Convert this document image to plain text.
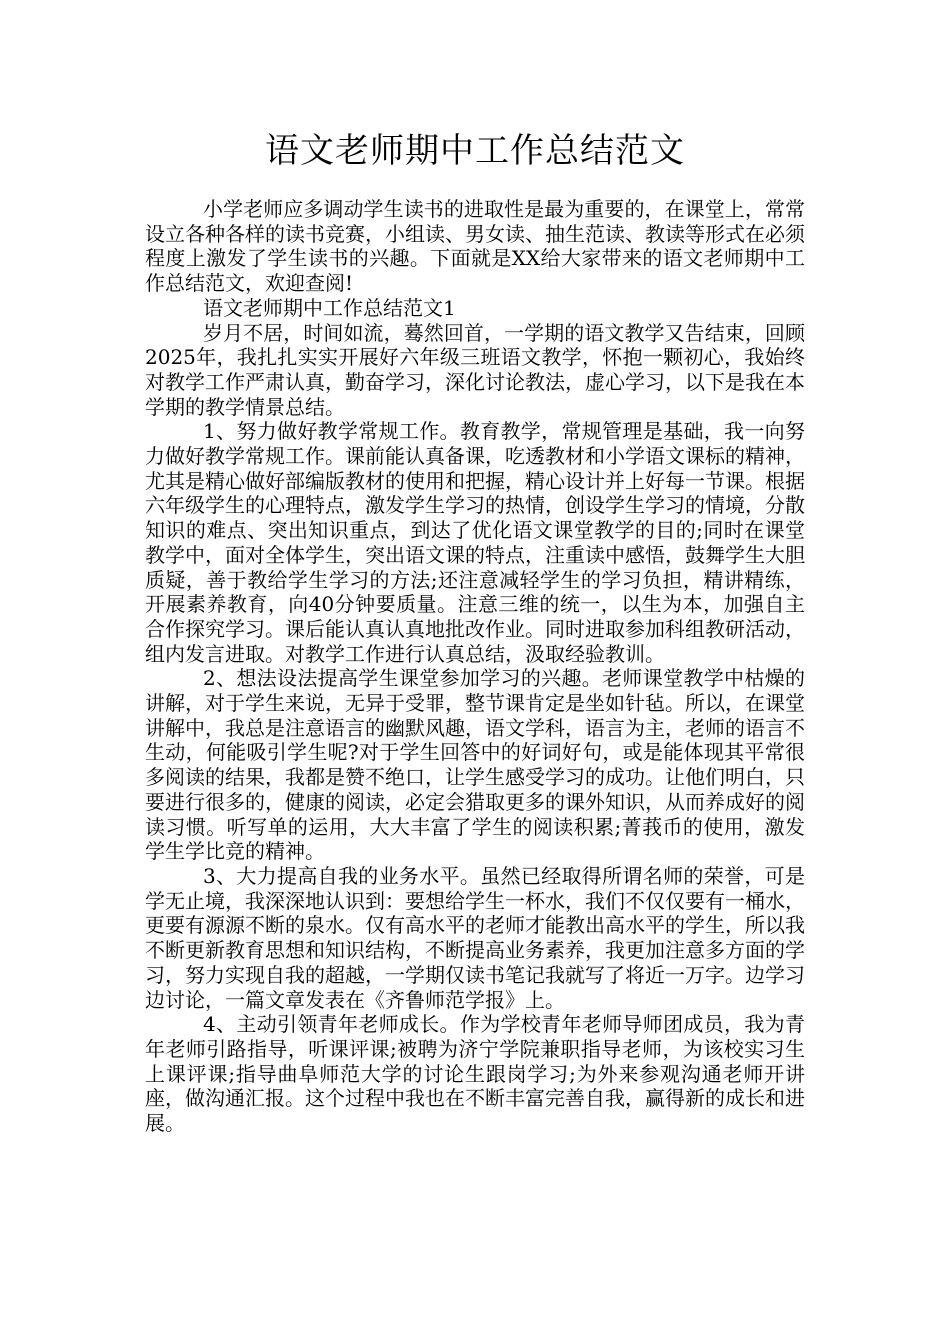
语文老师期中工作总结范文

小学老师应多调动学生读书的进取性是最为重要的，在课堂上，常常设立各种各样的读书竞赛，小组读、男女读、抽生范读、教读等形式在必须程度上激发了学生读书的兴趣。下面就是XX给大家带来的语文老师期中工作总结范文，欢迎查阅!

语文老师期中工作总结范文1

岁月不居，时间如流，蓦然回首，一学期的语文教学又告结束，回顾2025年，我扎扎实实开展好六年级三班语文教学，怀抱一颗初心，我始终对教学工作严肃认真，勤奋学习，深化讨论教法，虚心学习，以下是我在本学期的教学情景总结。

1、努力做好教学常规工作。教育教学，常规管理是基础，我一向努力做好教学常规工作。课前能认真备课，吃透教材和小学语文课标的精神，尤其是精心做好部编版教材的使用和把握，精心设计并上好每一节课。根据六年级学生的心理特点，激发学生学习的热情，创设学生学习的情境，分散知识的难点、突出知识重点，到达了优化语文课堂教学的目的;同时在课堂教学中，面对全体学生，突出语文课的特点，注重读中感悟，鼓舞学生大胆质疑，善于教给学生学习的方法;还注意减轻学生的学习负担，精讲精练，开展素养教育，向40分钟要质量。注意三维的统一，以生为本，加强自主合作探究学习。课后能认真认真地批改作业。同时进取参加科组教研活动，组内发言进取。对教学工作进行认真总结，汲取经验教训。

2、想法设法提高学生课堂参加学习的兴趣。老师课堂教学中枯燥的讲解，对于学生来说，无异于受罪，整节课肯定是坐如针毡。所以，在课堂讲解中，我总是注意语言的幽默风趣，语文学科，语言为主，老师的语言不生动，何能吸引学生呢?对于学生回答中的好词好句，或是能体现其平常很多阅读的结果，我都是赞不绝口，让学生感受学习的成功。让他们明白，只要进行很多的，健康的阅读，必定会猎取更多的课外知识，从而养成好的阅读习惯。听写单的运用，大大丰富了学生的阅读积累;菁莪币的使用，激发学生学比竞的精神。

3、大力提高自我的业务水平。虽然已经取得所谓名师的荣誉，可是学无止境，我深深地认识到：要想给学生一杯水，我们不仅仅要有一桶水，更要有源源不断的泉水。仅有高水平的老师才能教出高水平的学生，所以我不断更新教育思想和知识结构，不断提高业务素养，我更加注意多方面的学习，努力实现自我的超越，一学期仅读书笔记我就写了将近一万字。边学习边讨论，一篇文章发表在《齐鲁师范学报》上。

4、主动引领青年老师成长。作为学校青年老师导师团成员，我为青年老师引路指导，听课评课;被聘为济宁学院兼职指导老师，为该校实习生上课评课;指导曲阜师范大学的讨论生跟岗学习;为外来参观沟通老师开讲座，做沟通汇报。这个过程中我也在不断丰富完善自我，赢得新的成长和进展。
